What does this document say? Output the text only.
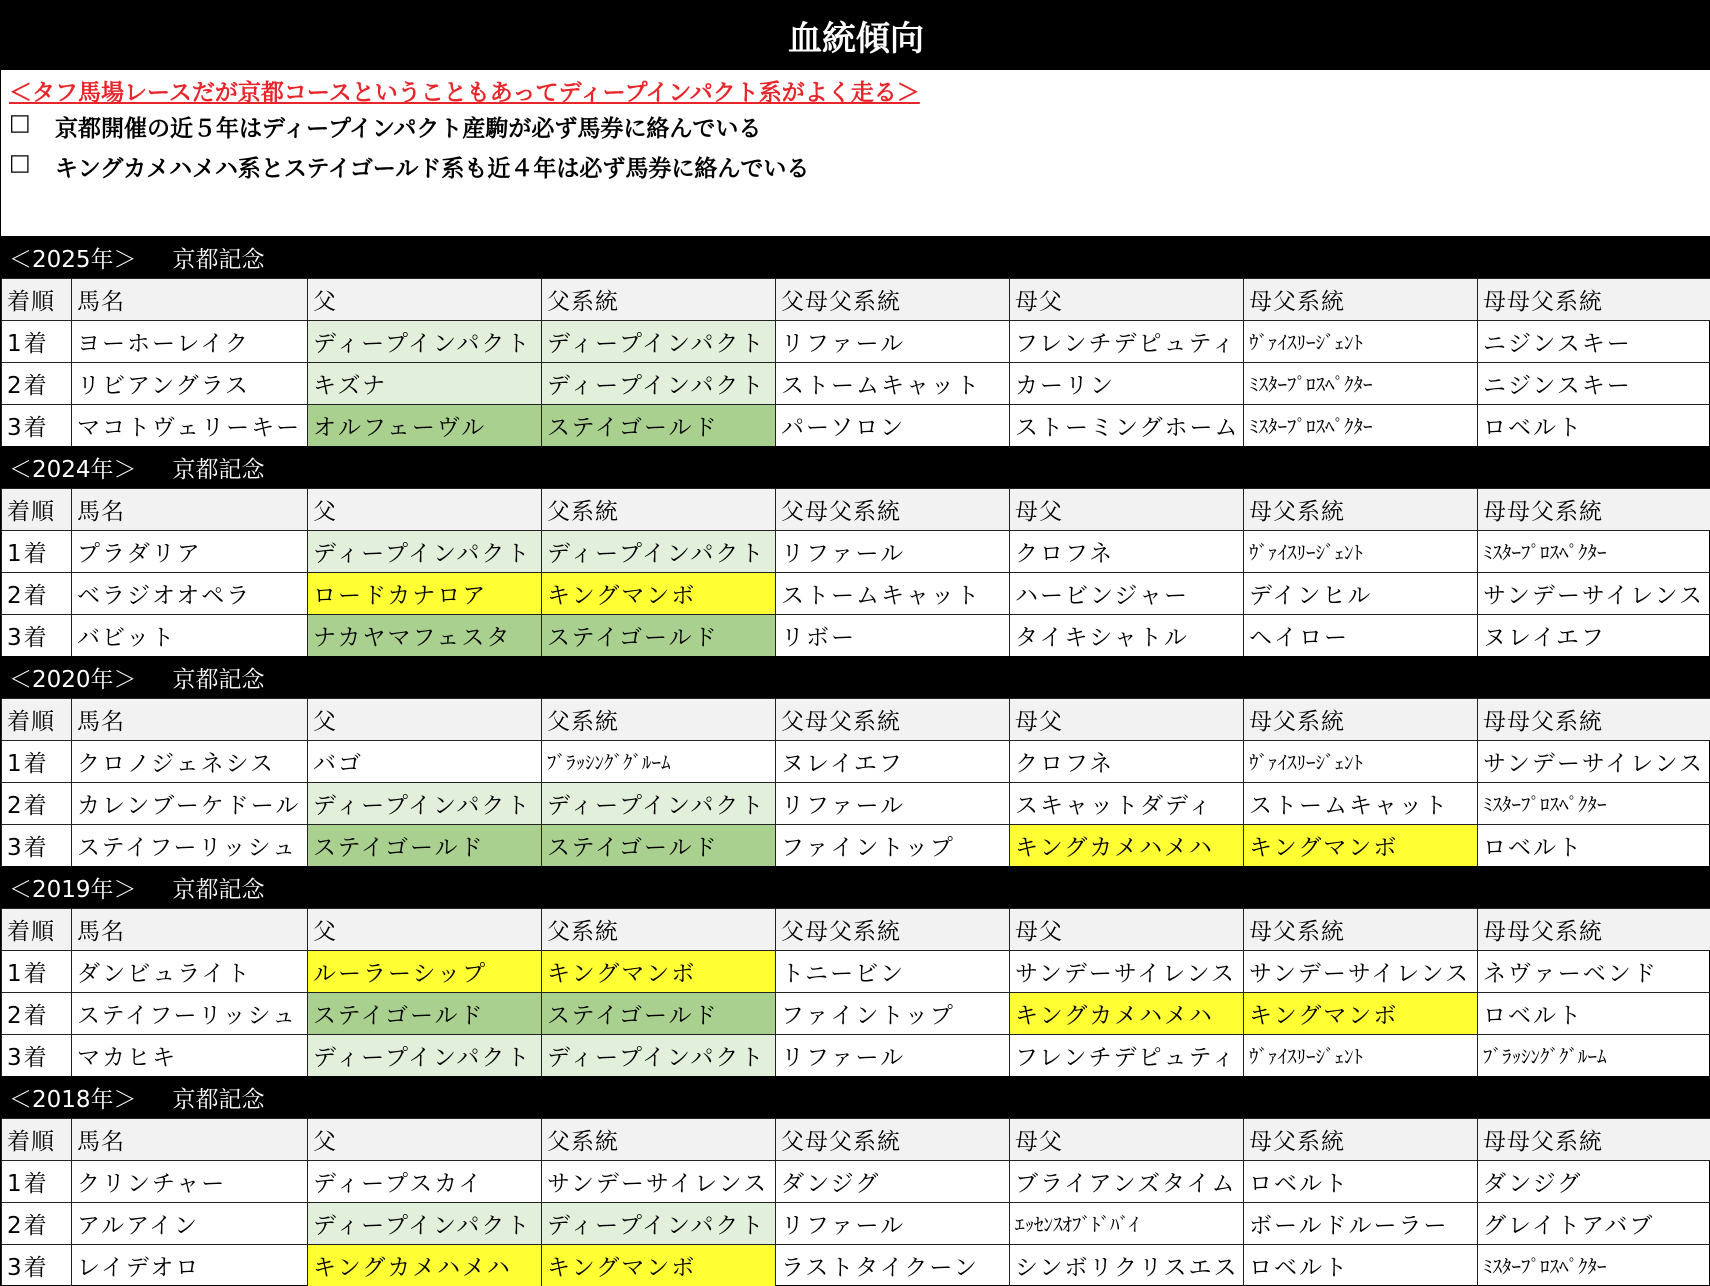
血統傾向
＜タフ馬場レースだが京都コースということもあってディープインパクト系がよく走る＞
□	京都開催の近５年はディープインパクト産駒が必ず馬券に絡んでいる
□	キングカメハメハ系とステイゴールド系も近４年は必ず馬券に絡んでいる
＜2025年＞ 京都記念
着順	馬名	父	父系統	父母父系統	母父	母父系統	母母父系統
1着	ヨーホーレイク	ディープインパクト	ディープインパクト	リファール	フレンチデピュティ	ｳﾞｧｲｽﾘｰｼﾞｪﾝﾄ	ニジンスキー
2着	リビアングラス	キズナ	ディープインパクト	ストームキャット	カーリン	ﾐｽﾀｰﾌﾟﾛｽﾍﾟｸﾀｰ	ニジンスキー
3着	マコトヴェリーキー	オルフェーヴル	ステイゴールド	パーソロン	ストーミングホーム	ﾐｽﾀｰﾌﾟﾛｽﾍﾟｸﾀｰ	ロベルト
＜2024年＞ 京都記念
着順	馬名	父	父系統	父母父系統	母父	母父系統	母母父系統
1着	プラダリア	ディープインパクト	ディープインパクト	リファール	クロフネ	ｳﾞｧｲｽﾘｰｼﾞｪﾝﾄ	ﾐｽﾀｰﾌﾟﾛｽﾍﾟｸﾀｰ
2着	ベラジオオペラ	ロードカナロア	キングマンボ	ストームキャット	ハービンジャー	デインヒル	サンデーサイレンス
3着	バビット	ナカヤマフェスタ	ステイゴールド	リボー	タイキシャトル	ヘイロー	ヌレイエフ
＜2020年＞ 京都記念
着順	馬名	父	父系統	父母父系統	母父	母父系統	母母父系統
1着	クロノジェネシス	バゴ	ﾌﾞﾗｯｼﾝｸﾞｸﾞﾙｰﾑ	ヌレイエフ	クロフネ	ｳﾞｧｲｽﾘｰｼﾞｪﾝﾄ	サンデーサイレンス
2着	カレンブーケドール	ディープインパクト	ディープインパクト	リファール	スキャットダディ	ストームキャット	ﾐｽﾀｰﾌﾟﾛｽﾍﾟｸﾀｰ
3着	ステイフーリッシュ	ステイゴールド	ステイゴールド	ファイントップ	キングカメハメハ	キングマンボ	ロベルト
＜2019年＞ 京都記念
着順	馬名	父	父系統	父母父系統	母父	母父系統	母母父系統
1着	ダンビュライト	ルーラーシップ	キングマンボ	トニービン	サンデーサイレンス	サンデーサイレンス	ネヴァーベンド
2着	ステイフーリッシュ	ステイゴールド	ステイゴールド	ファイントップ	キングカメハメハ	キングマンボ	ロベルト
3着	マカヒキ	ディープインパクト	ディープインパクト	リファール	フレンチデピュティ	ｳﾞｧｲｽﾘｰｼﾞｪﾝﾄ	ﾌﾞﾗｯｼﾝｸﾞｸﾞﾙｰﾑ
＜2018年＞ 京都記念
着順	馬名	父	父系統	父母父系統	母父	母父系統	母母父系統
1着	クリンチャー	ディープスカイ	サンデーサイレンス	ダンジグ	ブライアンズタイム	ロベルト	ダンジグ
2着	アルアイン	ディープインパクト	ディープインパクト	リファール	ｴｯｾﾝｽｵﾌﾞﾄﾞﾊﾞｲ	ボールドルーラー	グレイトアバブ
3着	レイデオロ	キングカメハメハ	キングマンボ	ラストタイクーン	シンボリクリスエス	ロベルト	ﾐｽﾀｰﾌﾟﾛｽﾍﾟｸﾀｰ
